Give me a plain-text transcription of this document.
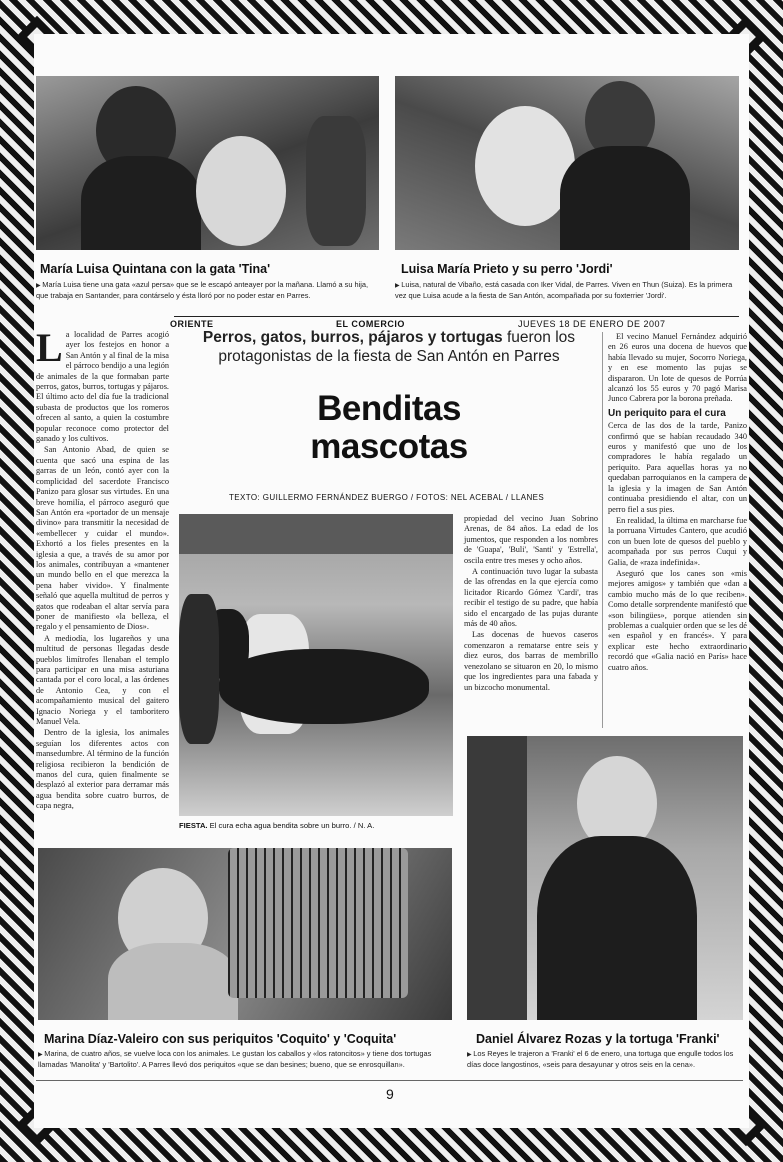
María Luisa Quintana con la gata 'Tina'
▶ María Luisa tiene una gata «azul persa» que se le escapó anteayer por la mañana. Llamó a su hija, que trabaja en Santander, para contárselo y ésta lloró por no poder estar en Parres.
Luisa María Prieto y su perro 'Jordi'
▶ Luisa, natural de Vibaño, está casada con Iker Vidal, de Parres. Viven en Thun (Suiza). Es la primera vez que Luisa acude a la fiesta de San Antón, acompañada por su foxterrier 'Jordi'.
ORIENTE	EL COMERCIO	JUEVES 18 DE ENERO DE 2007
L a localidad de Parres acogió ayer los festejos en honor a San Antón y al final de la misa el párroco bendijo a una legión de animales de la que formaban parte perros, gatos, burros, tortugas y pájaros. El último acto del día fue la tradicional subasta de productos que los romeros ofrecen al santo, a quien la costumbre popular reconoce como protector del ganado y los cultivos.

San Antonio Abad, de quien se cuenta que sacó una espina de las garras de un león, contó ayer con la complicidad del sacerdote Francisco Panizo para glosar sus virtudes. En una breve homilía, el párroco aseguró que San Antón era «portador de un mensaje divino» para transmitir la necesidad de «embellecer y cuidar el mundo». Exhortó a los fieles presentes en la iglesia a que, a través de su amor por los animales, contribuyan a «mantener un mundo bello en el que merezca la pena haber vivido». Y finalmente señaló que aquella multitud de perros y gatos que rodeaban el altar servía para poner de manifiesto «la belleza, el regalo y el pensamiento de Dios».

A mediodía, los lugareños y una multitud de personas llegadas desde pueblos limítrofes llenaban el templo para participar en una misa asturiana cantada por el coro local, a las órdenes de Antonio Cea, y con el acompañamiento musical del gaitero Ignacio Noriega y el tamboritero Manuel Vela.

Dentro de la iglesia, los animales seguían los diferentes actos con mansedumbre. Al término de la función religiosa recibieron la bendición de manos del cura, quien finalmente se desplazó al exterior para derramar más agua bendita sobre cuatro burros, de capa negra,

Perros, gatos, burros, pájaros y tortugas fueron los protagonistas de la fiesta de San Antón en Parres
Benditas
mascotas
TEXTO: GUILLERMO FERNÁNDEZ BUERGO / FOTOS: NEL ACEBAL / LLANES
FIESTA. El cura echa agua bendita sobre un burro. / N. A.

propiedad del vecino Juan Sobrino Arenas, de 84 años. La edad de los jumentos, que responden a los nombres de 'Guapa', 'Buli', 'Santi' y 'Estrella', oscila entre tres meses y ocho años.

A continuación tuvo lugar la subasta de las ofrendas en la que ejercía como licitador Ricardo Gómez 'Cardi', tras recibir el testigo de su padre, que había sido el encargado de las pujas durante más de 40 años.

Las docenas de huevos caseros comenzaron a rematarse entre seis y diez euros, dos barras de membrillo venezolano se situaron en 20, lo mismo que los ingredientes para una fabada y un bizcocho monumental.

El vecino Manuel Fernández adquirió en 26 euros una docena de huevos que había llevado su mujer, Socorro Noriega, y en ese momento las pujas se dispararon. Un lote de quesos de Porrúa alcanzó los 55 euros y 70 pagó Marisa Junco Cabrera por la borona preñada.

Un periquito para el cura

Cerca de las dos de la tarde, Panizo confirmó que se habían recaudado 340 euros y manifestó que uno de los compradores le había regalado un periquito. Para aquellas horas ya no quedaban parroquianos en la campera de la iglesia y la imagen de San Antón continuaba presidiendo el altar, con un perro fiel a sus pies.

En realidad, la última en marcharse fue la porruana Virtudes Cantero, que acudió con un buen lote de quesos del pueblo y acompañada por sus perros Cuqui y Galia, de «raza indefinida».

Aseguró que los canes son «mis mejores amigos» y también que «dan a cambio mucho más de lo que reciben». Como detalle sorprendente manifestó que «son bilingües», porque atienden sin problemas a cualquier orden que se les dé «en español y en francés». Y para explicar este hecho extraordinario recordó que «Galia nació en París» hace cuatro años.

Marina Díaz-Valeiro con sus periquitos 'Coquito' y 'Coquita'
▶ Marina, de cuatro años, se vuelve loca con los animales. Le gustan los caballos y «los ratoncitos» y tiene dos tortugas llamadas 'Manolita' y 'Bartolito'. A Parres llevó dos periquitos «que se dan besines; bueno, que se enrosquillan».
Daniel Álvarez Rozas y la tortuga 'Franki'
▶ Los Reyes le trajeron a 'Franki' el 6 de enero, una tortuga que engulle todos los días doce langostinos, «seis para desayunar y otros seis en la cena».
9
